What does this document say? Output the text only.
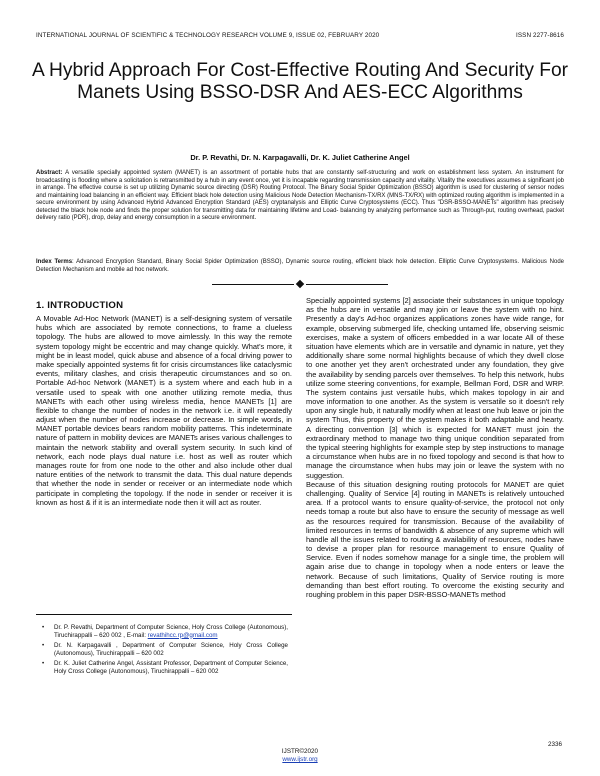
INTERNATIONAL JOURNAL OF SCIENTIFIC & TECHNOLOGY RESEARCH VOLUME 9, ISSUE 02, FEBRUARY 2020	ISSN 2277-8616
A Hybrid Approach For Cost-Effective Routing And Security For Manets Using BSSO-DSR And AES-ECC Algorithms
Dr. P. Revathi, Dr. N. Karpagavalli, Dr. K. Juliet Catherine Angel

Abstract: A versatile specially appointed system (MANET) is an assortment of portable hubs that are constantly self-structuring and work on establishment less system. An instrument for broadcasting is flooding where a solicitation is retransmitted by a hub in any event once, yet it is incapable regarding transmission capacity and vitality. Vitality the executives assumes a significant job in arrange. The effective course is set up utilizing Dynamic source directing (DSR) Routing Protocol. The Binary Social Spider Optimization (BSSO) algorithm is used for clustering of sensor nodes and maintaining load balancing in an efficient way. Efficient black hole detection using Malicious Node Detection Mechanism-TX/RX (MNS-TX/RX) with optimized routing algorithm is implemented in a secure environment by using Advanced Hybrid Advanced Encryption Standard (AES) cryptanalysis and Elliptic Curve Cryptosystems (ECC). Thus "DSR-BSSO-MANETs" algorithm has precisely detected the black hole node and finds the proper solution for transmitting data for maintaining lifetime and Load- balancing by analyzing performance such as Through-put, routing overhead, packet delivery ratio (PDR), drop, delay and energy consumption in a secure environment.

Index Terms: Advanced Encryption Standard, Binary Social Spider Optimization (BSSO), Dynamic source routing, efficient black hole detection. Elliptic Curve Cryptosystems. Malicious Node Detection Mechanism and mobile ad hoc network.

1. INTRODUCTION

A Movable Ad-Hoc Network (MANET) is a self-designing system of versatile hubs which are associated by remote connections, to frame a clueless topology. The hubs are allowed to move aimlessly. In this way the remote system topology might be eccentric and may change quickly. What's more, it might be in least model, quick abuse and absence of a focal driving power to make specially appointed systems fit for crisis circumstances like cataclysmic events, military clashes, and crisis therapeutic circumstances and so on. Portable Ad-hoc Network (MANET) is a system where and each hub in a versatile used to speak with one another utilizing remote media, thus MANETs with each other using wireless media, hence MANETs [1] are flexible to change the number of nodes in the network i.e. it will repeatedly adjust when the number of nodes increase or decrease. In simple words, in MANET portable devices bears random mobility patterns. This indeterminate nature of pattern in mobility devices are MANETs arises various challenges to maintain the network stability and overall system security. In such kind of network, each node plays dual nature i.e. host as well as router which manages route for from one node to the other and also include other dual nature entities of the network to transmit the data. This dual nature depends that whether the node in sender or receiver or an intermediate node which participate in completing the topology. If the node in sender or receiver it is known as host & if it is an intermediate node then it will act as router.

• Dr. P. Revathi, Department of Computer Science, Holy Cross College (Autonomous), Tiruchirappalli – 620 002 , E-mail: revathihcc.rp@gmail.com
• Dr. N. Karpagavalli , Department of Computer Science, Holy Cross College (Autonomous), Tiruchirappalli – 620 002
• Dr. K. Juliet Catherine Angel, Assistant Professor, Department of Computer Science, Holy Cross College (Autonomous), Tiruchirappalli – 620 002

Specially appointed systems [2] associate their substances in unique topology as the hubs are in versatile and may join or leave the system with no hint. Presently a day's Ad-hoc organizes applications zones have wide range, for example, observing submerged life, checking untamed life, observing seismic exercises, make a system of officers embedded in a war locate All of these situation have elements which are in versatile and dynamic in nature, yet they additionally share some normal highlights because of which they dwell close to one another yet they aren't orchestrated under any foundation, they give the availability by sending parcels over themselves. To help this network, hubs utilize some steering conventions, for example, Bellman Ford, DSR and WRP. The system contains just versatile hubs, which makes topology in air and move information to one another. As the system is versatile so it doesn't rely upon any single hub, it naturally modify when at least one hub leave or join the system Thus, this property of the system makes it both adaptable and hearty. A directing convention [3] which is expected for MANET must join the extraordinary method to manage two thing unique condition separated from the typical steering highlights for example step by step instructions to manage a circumstance when hubs are in no fixed topology and second is that how to manage the circumstance when hubs may join or leave the system with no suggestion.

Because of this situation designing routing protocols for MANET are quiet challenging. Quality of Service [4] routing in MANETs is relatively untouched area. If a protocol wants to ensure quality-of-service, the protocol not only needs tomap a route but also have to ensure the security of message as well as the resources required for transmission. Because of the availability of limited resources in terms of bandwidth & absence of any supreme which will handle all the issues related to routing & availability of resources, nodes have to devise a proper plan for resource management to ensure Quality of Service. Even if nodes somehow manage for a single time, the problem will again arise due to change in topology when a node enters or leave the network. Because of such limitations, Quality of Service routing is more demanding than best effort routing. To overcome the existing security and roughing problem in this paper DSR-BSSO-MANETs method

2336
IJSTR©2020
www.ijstr.org
